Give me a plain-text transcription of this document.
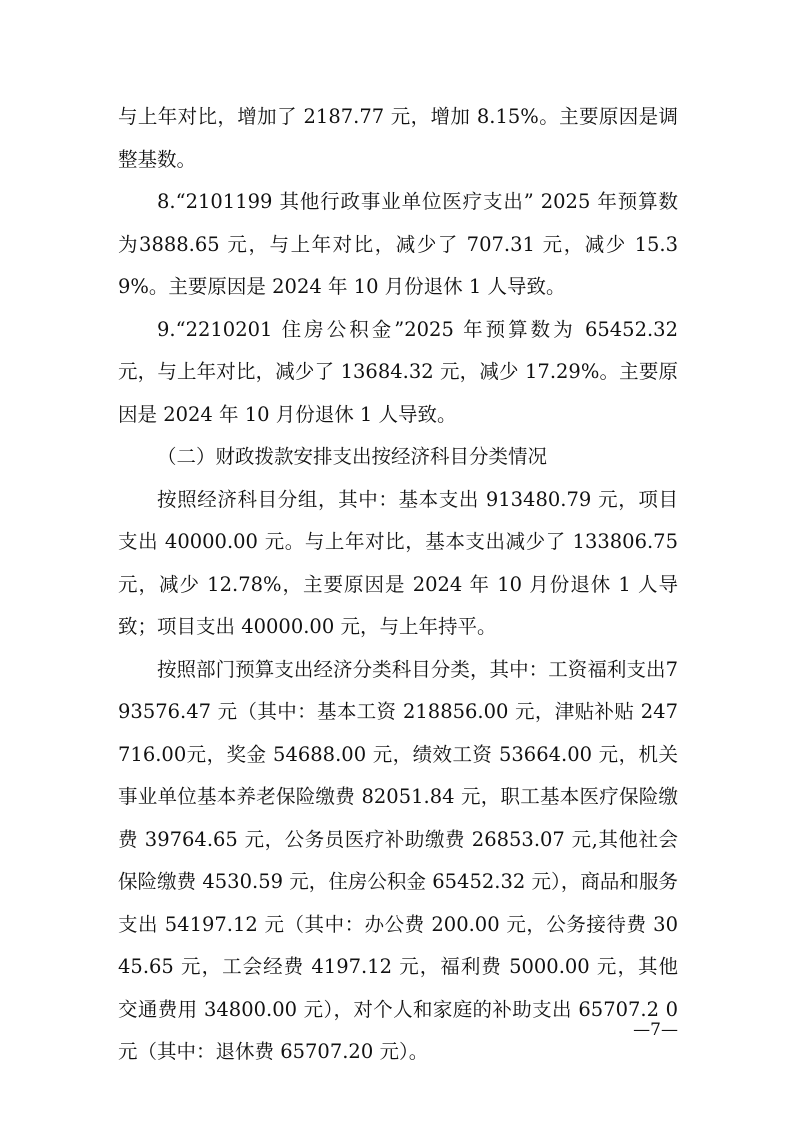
与上年对比，增加了 2187.77 元，增加 8.15%。主要原因是调整基数。

8.“2101199 其他行政事业单位医疗支出” 2025 年预算数为3888.65 元，与上年对比，减少了 707.31 元，减少 15.39%。主要原因是 2024 年 10 月份退休 1 人导致。

9.“2210201 住房公积金”2025 年预算数为 65452.32 元，与上年对比，减少了 13684.32 元，减少 17.29%。主要原因是 2024 年 10 月份退休 1 人导致。

（二）财政拨款安排支出按经济科目分类情况

按照经济科目分组，其中：基本支出 913480.79 元，项目支出 40000.00 元。与上年对比，基本支出减少了 133806.75 元，减少 12.78%，主要原因是 2024 年 10 月份退休 1 人导致；项目支出 40000.00 元，与上年持平。

按照部门预算支出经济分类科目分类，其中：工资福利支出793576.47 元（其中：基本工资 218856.00 元，津贴补贴 247716.00元，奖金 54688.00 元，绩效工资 53664.00 元，机关事业单位基本养老保险缴费 82051.84 元，职工基本医疗保险缴费 39764.65 元，公务员医疗补助缴费 26853.07 元,其他社会保险缴费 4530.59 元，住房公积金 65452.32 元），商品和服务支出 54197.12 元（其中：办公费 200.00 元，公务接待费 3045.65 元，工会经费 4197.12 元，福利费 5000.00 元，其他交通费用 34800.00 元），对个人和家庭的补助支出 65707.2 0 元（其中：退休费 65707.20 元）。

—7—
